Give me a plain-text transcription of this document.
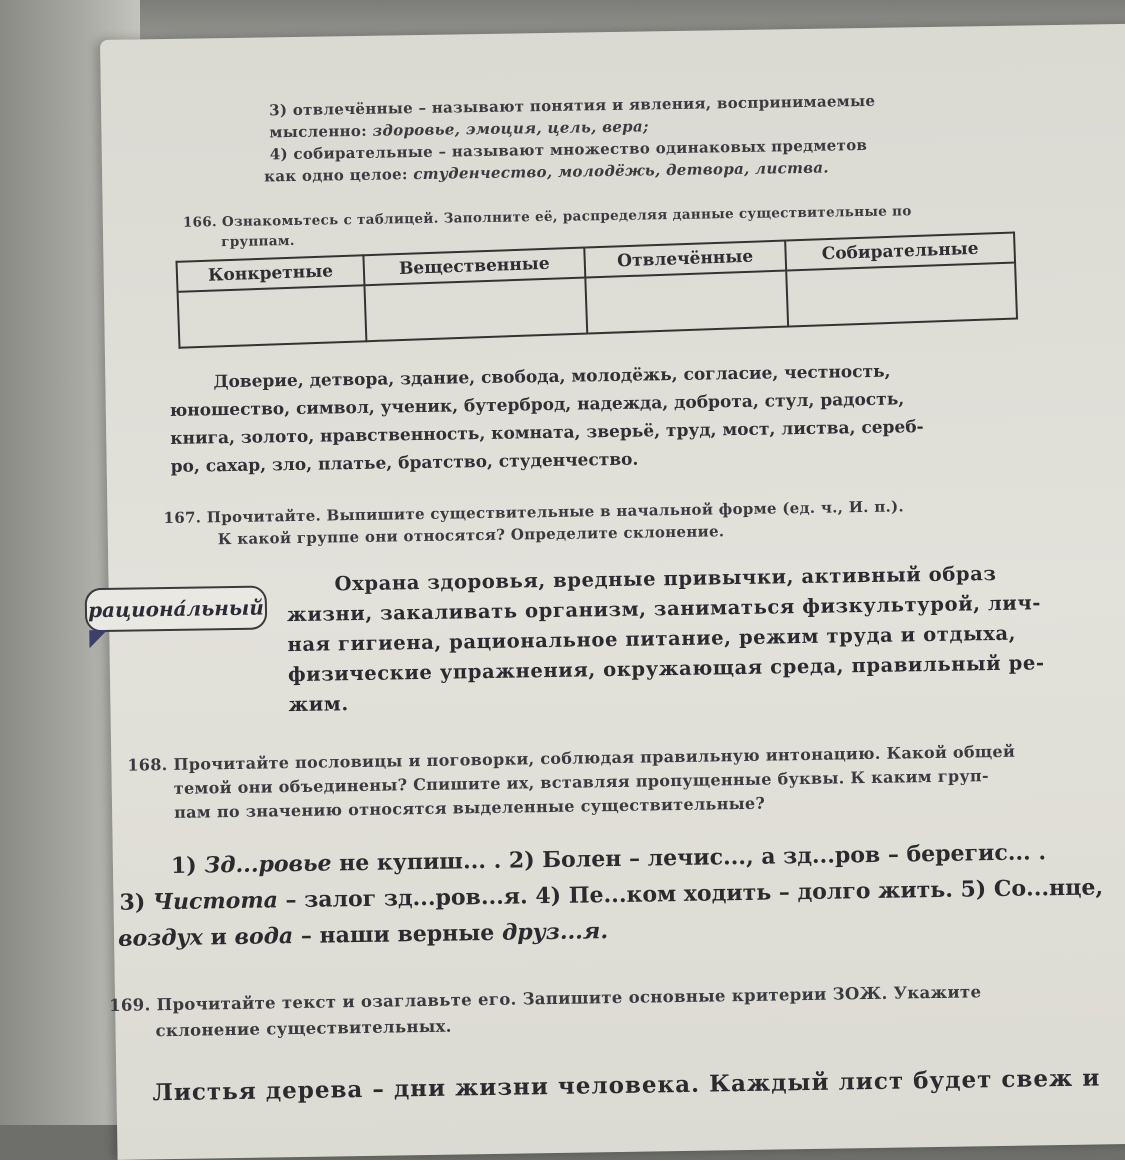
3) отвлечённые – называют понятия и явления, воспринимаемые
мысленно: здоровье, эмоция, цель, вера;
4) собирательные – называют множество одинаковых предметов
как одно целое: студенчество, молодёжь, детвора, листва.
166. Ознакомьтесь с таблицей. Заполните её, распределяя данные существительные по
группам.
Конкретные	Вещественные	Отвлечённые	Собирательные

Доверие, детвора, здание, свобода, молодёжь, согласие, честность,
юношество, символ, ученик, бутерброд, надежда, доброта, стул, радость,
книга, золото, нравственность, комната, зверьё, труд, мост, листва, сереб-
ро, сахар, зло, платье, братство, студенчество.
167. Прочитайте. Выпишите существительные в начальной форме (ед. ч., И. п.).
К какой группе они относятся? Определите склонение.
рациона́льный
Охрана здоровья, вредные привычки, активный образ
жизни, закаливать организм, заниматься физкультурой, лич-
ная гигиена, рациональное питание, режим труда и отдыха,
физические упражнения, окружающая среда, правильный ре-
жим.
168. Прочитайте пословицы и поговорки, соблюдая правильную интонацию. Какой общей
темой они объединены? Спишите их, вставляя пропущенные буквы. К каким груп-
пам по значению относятся выделенные существительные?
1) Зд...ровье не купиш... . 2) Болен – лечис..., а зд...ров – берегис... .
3) Чистота – залог зд...ров...я. 4) Пе...ком ходить – долго жить. 5) Со...нце,
воздух и вода – наши верные друз...я.
169. Прочитайте текст и озаглавьте его. Запишите основные критерии ЗОЖ. Укажите
склонение существительных.
Листья дерева – дни жизни человека. Каждый лист будет свеж и
